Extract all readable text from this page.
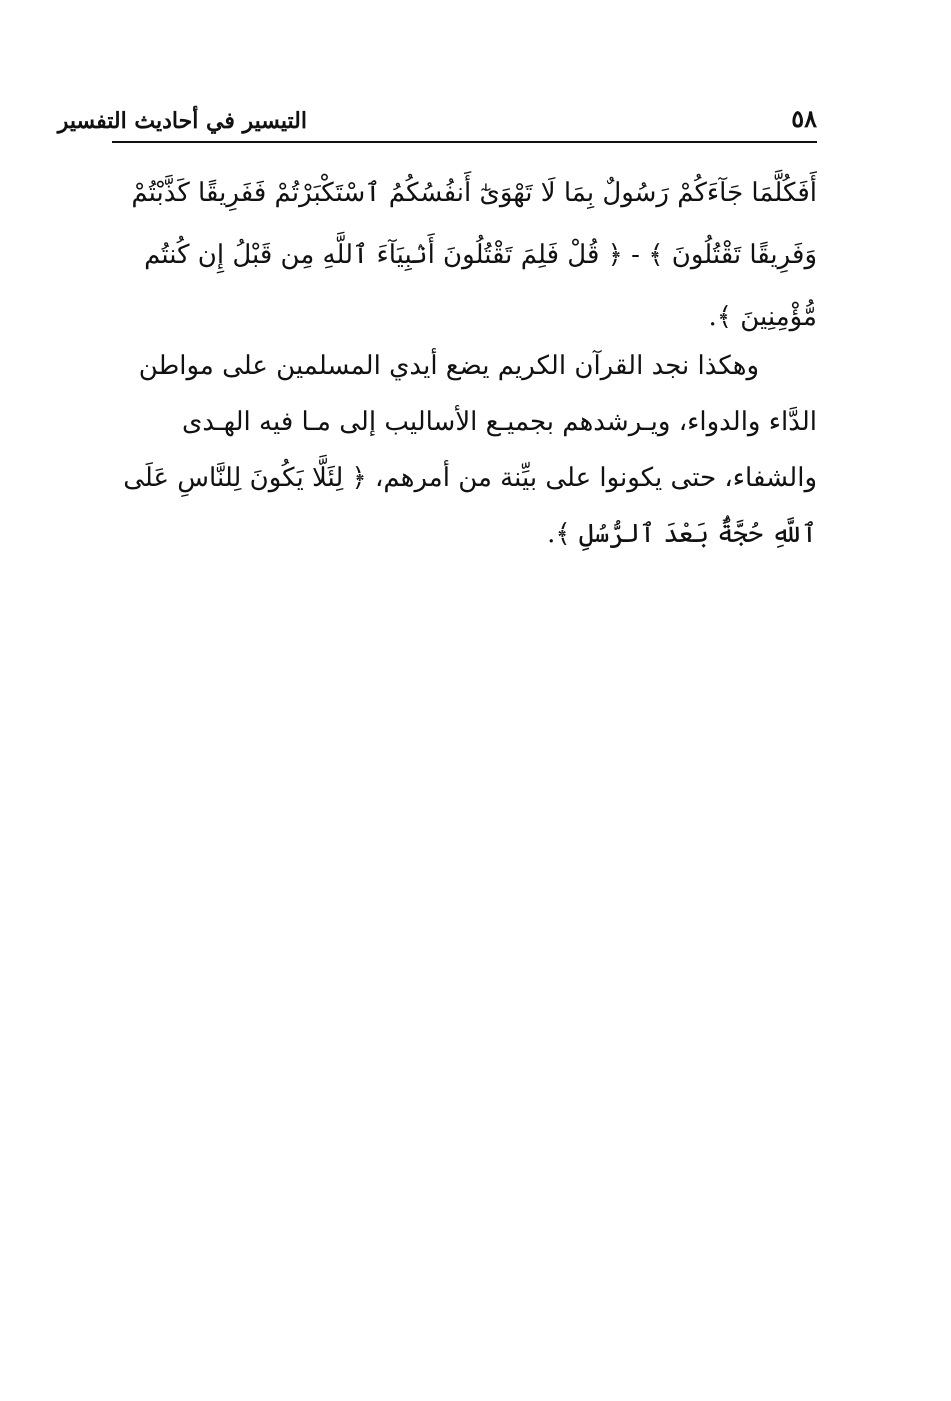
٥٨
التيسير في أحاديث التفسير
أَفَكُلَّمَا جَآءَكُمْ رَسُولٌ بِمَا لَا تَهْوَىٰٓ أَنفُسُكُمُ ٱسْتَكْبَرْتُمْ فَفَرِيقًا كَذَّبْتُمْ
وَفَرِيقًا تَقْتُلُونَ ﴾ - ﴿ قُلْ فَلِمَ تَقْتُلُونَ أَنۢبِيَآءَ ٱللَّهِ مِن قَبْلُ إِن كُنتُم
مُّؤْمِنِينَ ﴾.
وهكذا نجد القرآن الكريم يضع أيدي المسلمين على مواطن
الدَّاء والدواء، ويـرشدهم بجميـع الأساليب إلى مـا فيه الهـدى
والشفاء، حتى يكونوا على بيِّنة من أمرهم، ﴿ لِئَلَّا يَكُونَ لِلنَّاسِ عَلَى
ٱللَّهِ حُجَّةٌۢ بَعْدَ ٱلرُّسُلِ ﴾.
